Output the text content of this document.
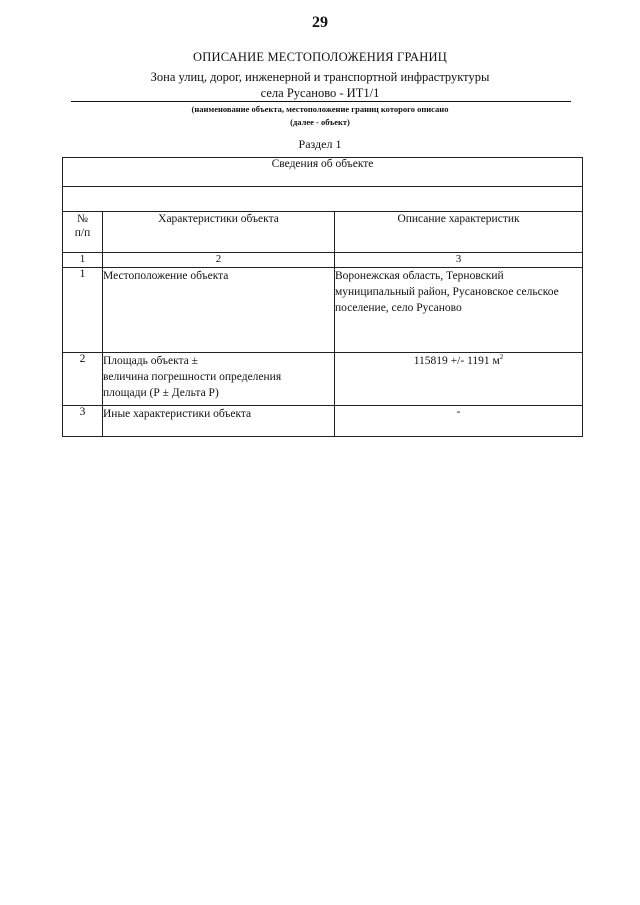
29
ОПИСАНИЕ МЕСТОПОЛОЖЕНИЯ ГРАНИЦ
Зона улиц, дорог, инженерной и транспортной инфраструктуры
села Русаново - ИТ1/1
(наименование объекта, местоположение границ которого описано
(далее - объект)
Раздел 1
Сведения об объекте		

№
п/п	Характеристики объекта	Описание характеристик
1	2	3
1	Местоположение объекта	Воронежская область, Терновский муниципальный район, Русановское сельское поселение, село Русаново
2	Площадь объекта ±
величина погрешности определения
площади (Р ± Дельта Р)	115819 +/- 1191 $м^2$
3	Иные характеристики объекта	-
